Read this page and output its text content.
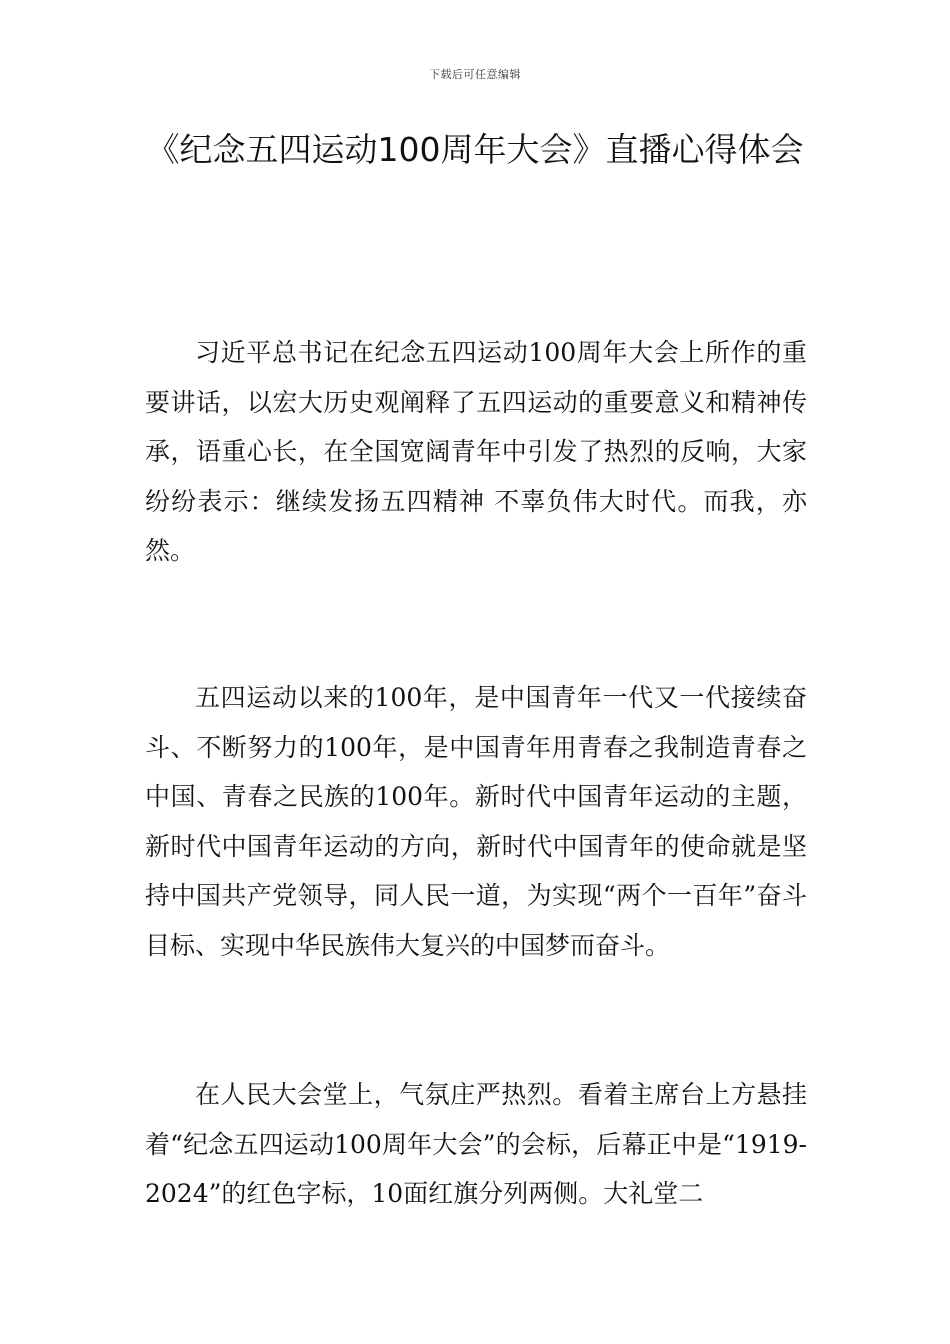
下载后可任意编辑
《纪念五四运动100周年大会》直播心得体会

习近平总书记在纪念五四运动100周年大会上所作的重要讲话，以宏大历史观阐释了五四运动的重要意义和精神传承，语重心长，在全国宽阔青年中引发了热烈的反响，大家纷纷表示：继续发扬五四精神 不辜负伟大时代。而我，亦然。

五四运动以来的100年，是中国青年一代又一代接续奋斗、不断努力的100年，是中国青年用青春之我制造青春之中国、青春之民族的100年。新时代中国青年运动的主题，新时代中国青年运动的方向，新时代中国青年的使命就是坚持中国共产党领导，同人民一道，为实现“两个一百年”奋斗目标、实现中华民族伟大复兴的中国梦而奋斗。

在人民大会堂上，气氛庄严热烈。看着主席台上方悬挂着“纪念五四运动100周年大会”的会标，后幕正中是“1919-2024”的红色字标，10面红旗分列两侧。大礼堂二
